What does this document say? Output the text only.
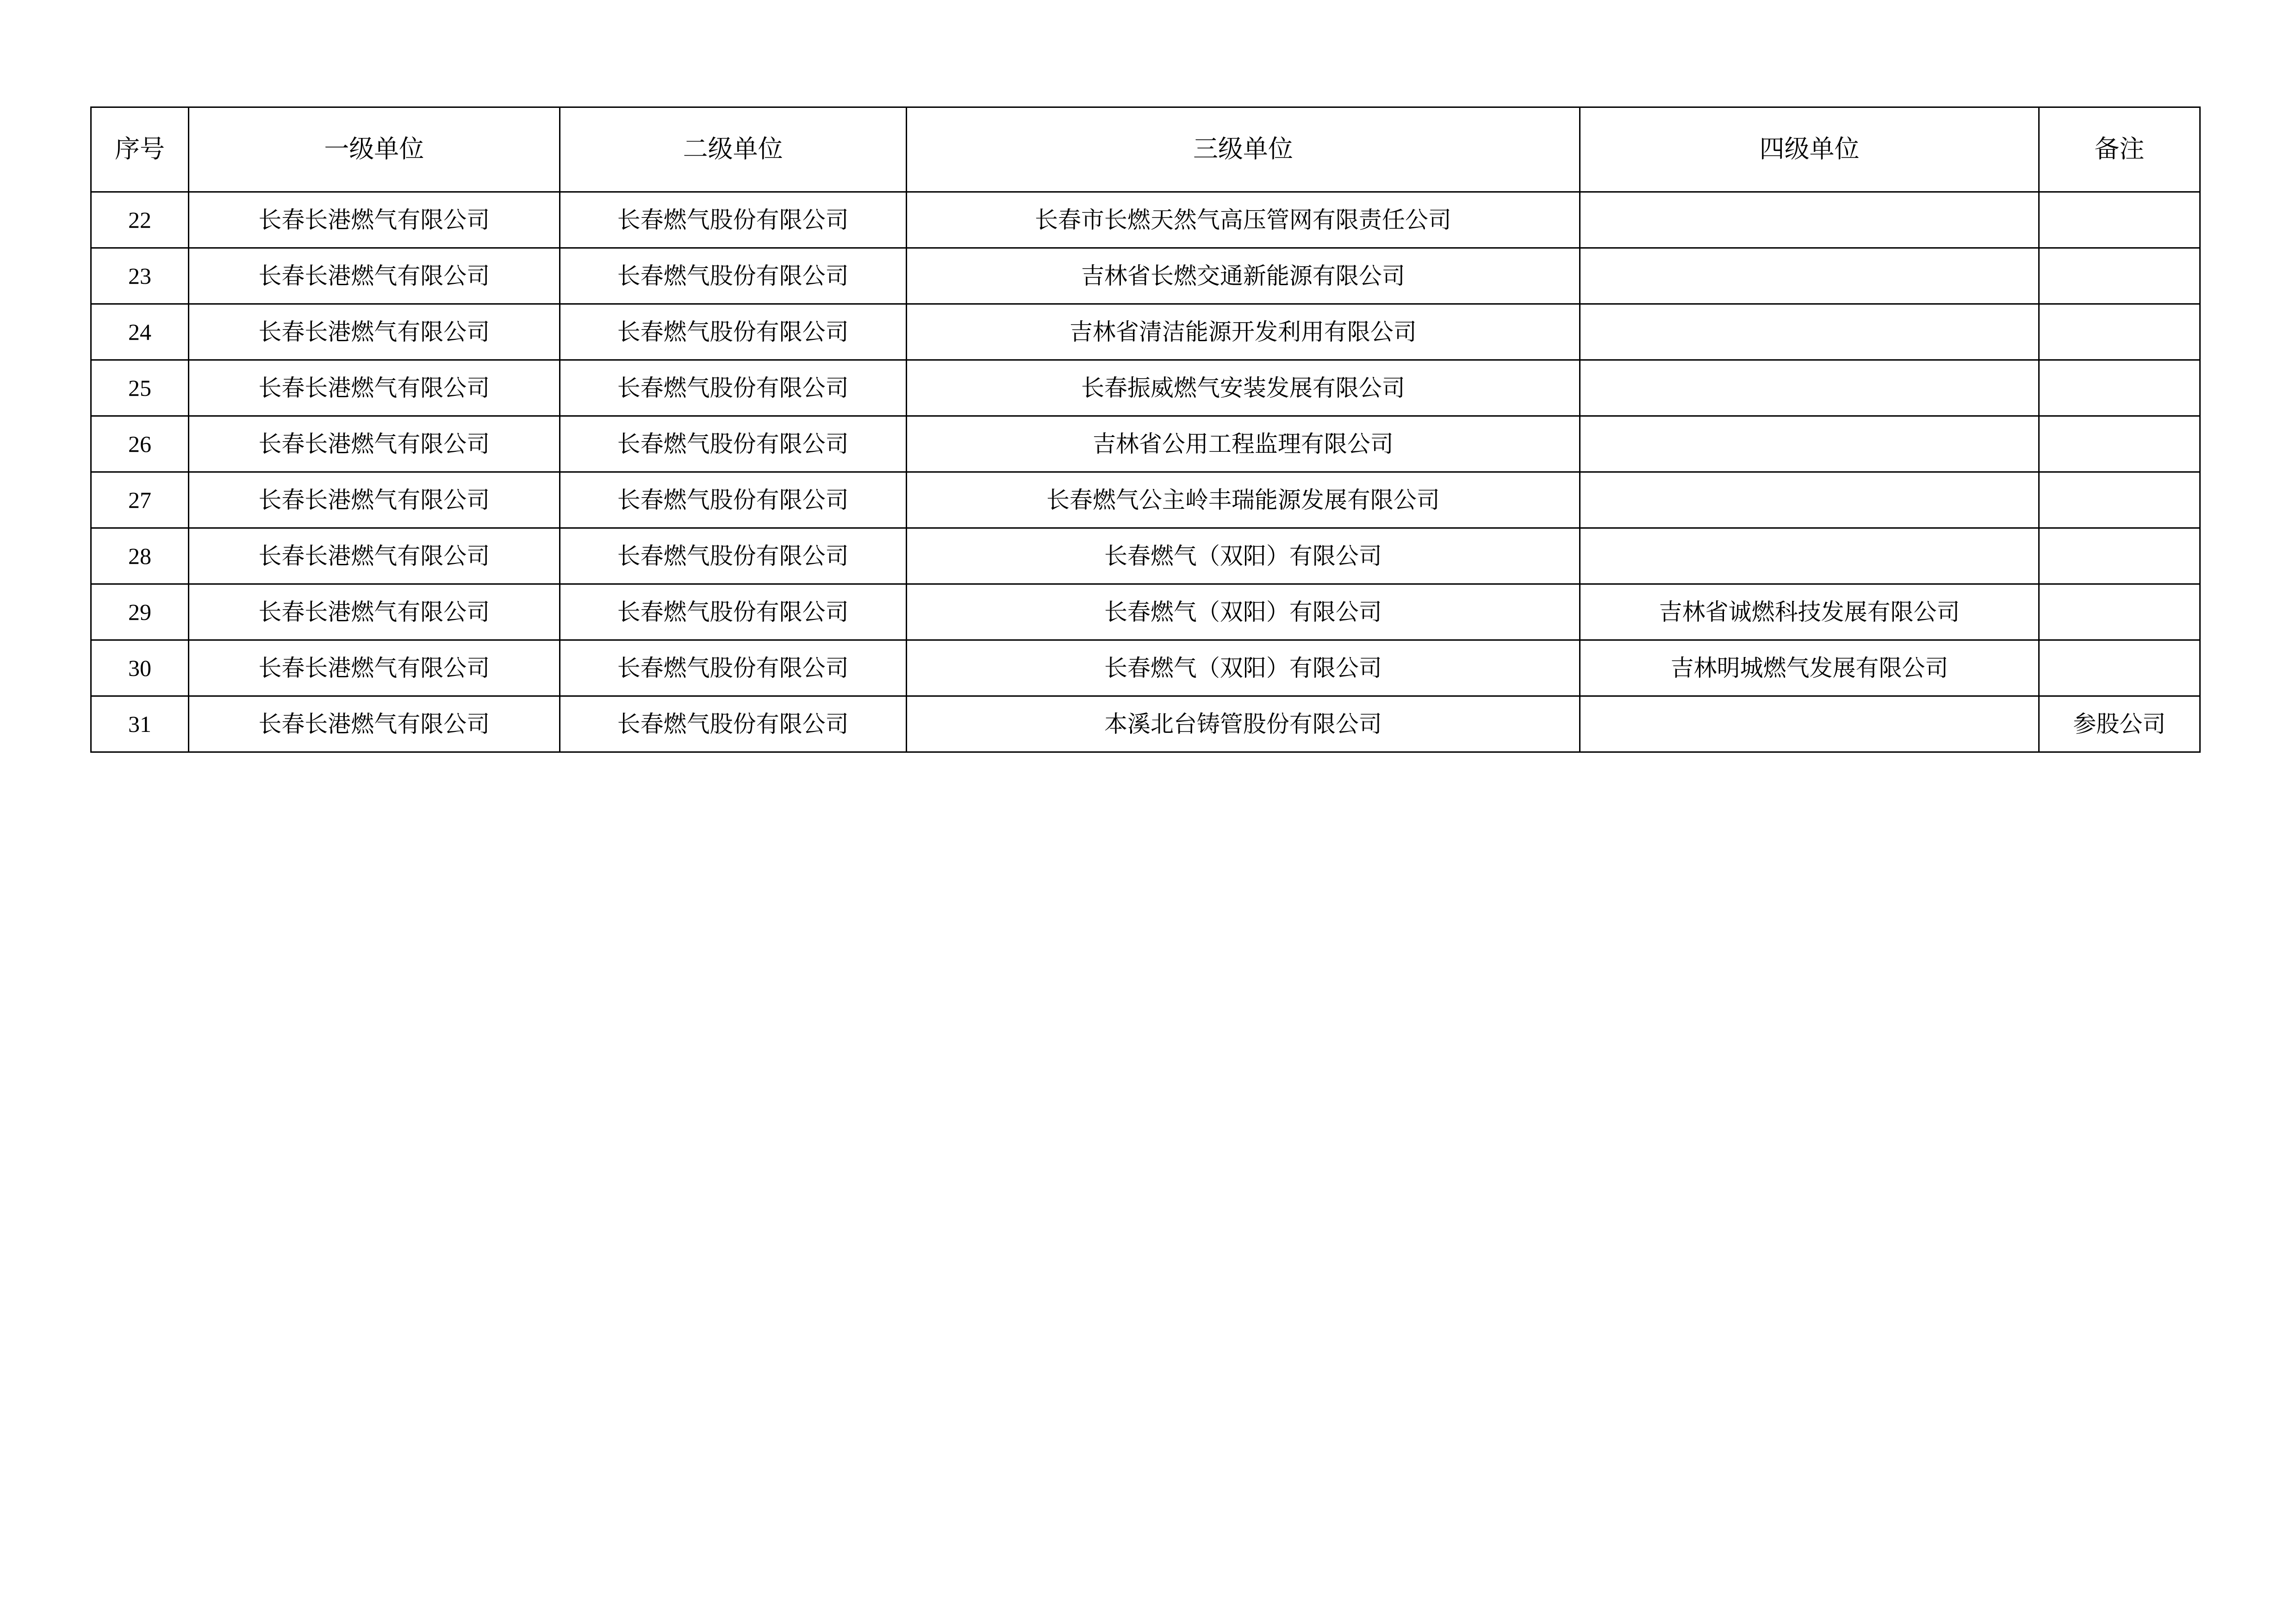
序号	一级单位	二级单位	三级单位	四级单位	备注
22	长春长港燃气有限公司	长春燃气股份有限公司	长春市长燃天然气高压管网有限责任公司		
23	长春长港燃气有限公司	长春燃气股份有限公司	吉林省长燃交通新能源有限公司		
24	长春长港燃气有限公司	长春燃气股份有限公司	吉林省清洁能源开发利用有限公司		
25	长春长港燃气有限公司	长春燃气股份有限公司	长春振威燃气安装发展有限公司		
26	长春长港燃气有限公司	长春燃气股份有限公司	吉林省公用工程监理有限公司		
27	长春长港燃气有限公司	长春燃气股份有限公司	长春燃气公主岭丰瑞能源发展有限公司		
28	长春长港燃气有限公司	长春燃气股份有限公司	长春燃气（双阳）有限公司		
29	长春长港燃气有限公司	长春燃气股份有限公司	长春燃气（双阳）有限公司	吉林省诚燃科技发展有限公司	
30	长春长港燃气有限公司	长春燃气股份有限公司	长春燃气（双阳）有限公司	吉林明城燃气发展有限公司	
31	长春长港燃气有限公司	长春燃气股份有限公司	本溪北台铸管股份有限公司		参股公司
